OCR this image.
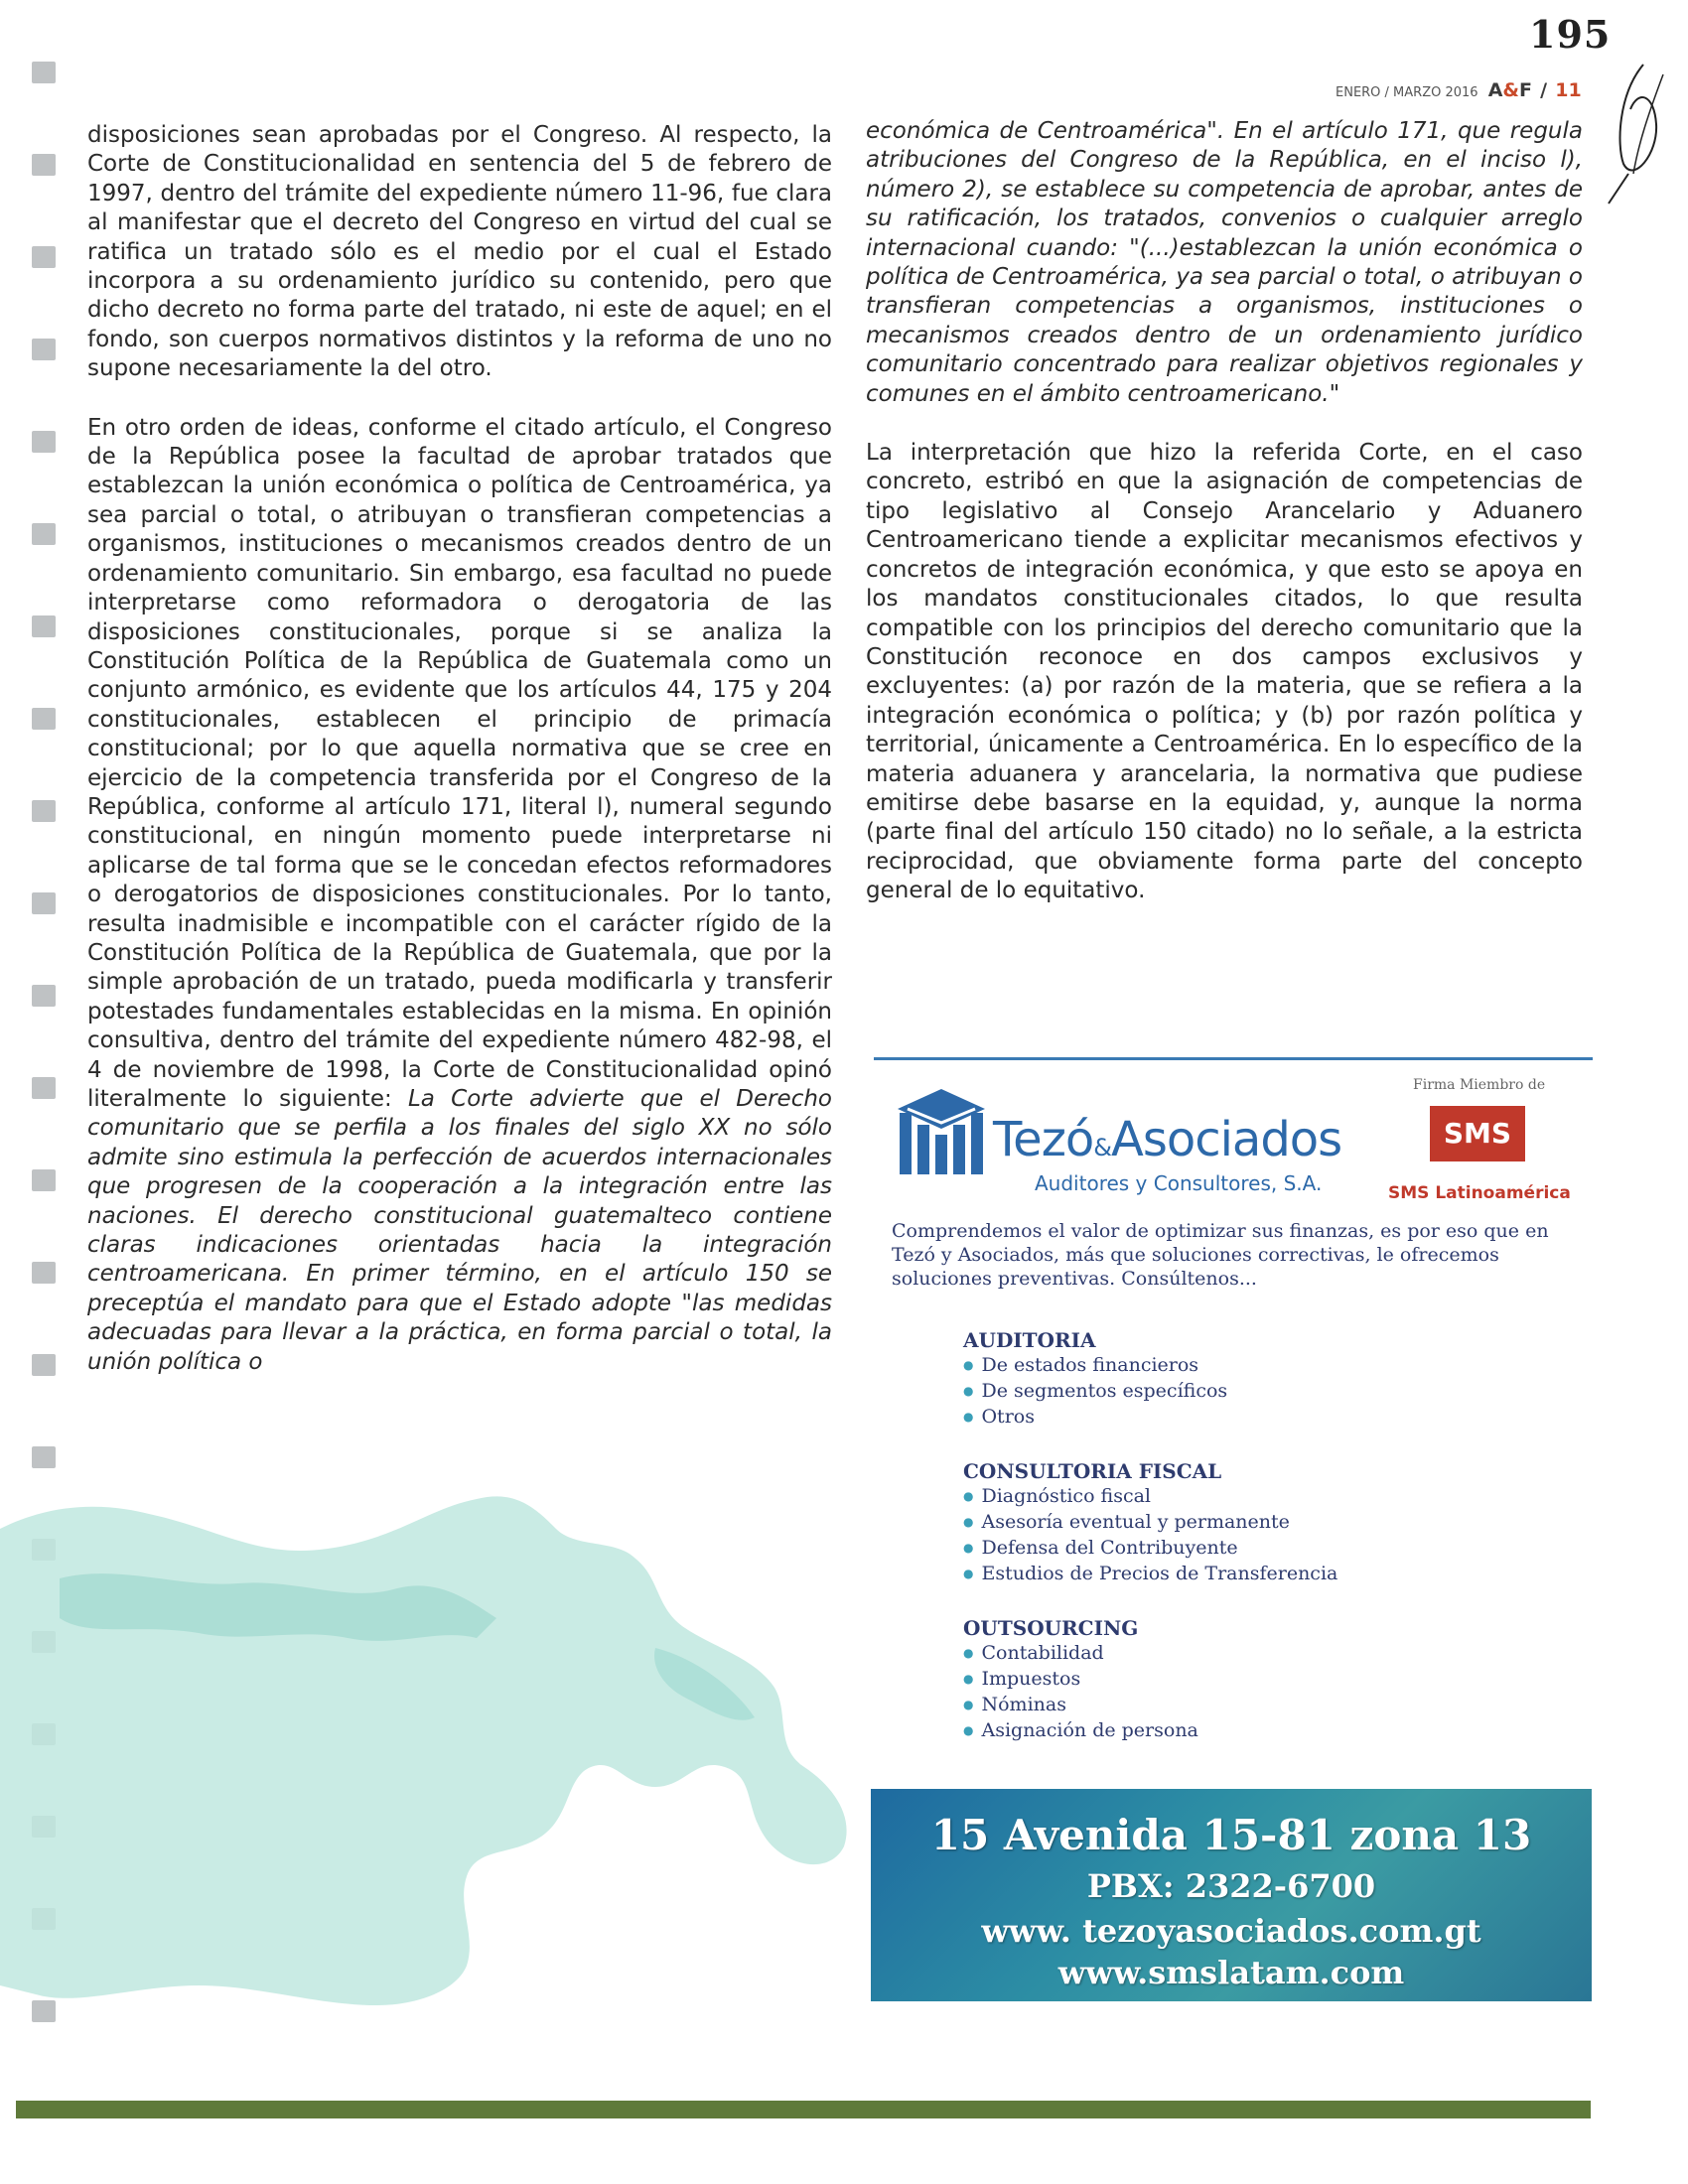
195
ENERO / MARZO 2016 A&F / 11

disposiciones sean aprobadas por el Congreso. Al respecto, la Corte de Constitucionalidad en sentencia del 5 de febrero de 1997, dentro del trámite del expediente número 11-96, fue clara al manifestar que el decreto del Congreso en virtud del cual se ratifica un tratado sólo es el medio por el cual el Estado incorpora a su ordenamiento jurídico su contenido, pero que dicho decreto no forma parte del tratado, ni este de aquel; en el fondo, son cuerpos normativos distintos y la reforma de uno no supone necesariamente la del otro.

En otro orden de ideas, conforme el citado artículo, el Congreso de la República posee la facultad de aprobar tratados que establezcan la unión económica o política de Centroamérica, ya sea parcial o total, o atribuyan o transfieran competencias a organismos, instituciones o mecanismos creados dentro de un ordenamiento comunitario. Sin embargo, esa facultad no puede interpretarse como reformadora o derogatoria de las disposiciones constitucionales, porque si se analiza la Constitución Política de la República de Guatemala como un conjunto armónico, es evidente que los artículos 44, 175 y 204 constitucionales, establecen el principio de primacía constitucional; por lo que aquella normativa que se cree en ejercicio de la competencia transferida por el Congreso de la República, conforme al artículo 171, literal l), numeral segundo constitucional, en ningún momento puede interpretarse ni aplicarse de tal forma que se le concedan efectos reformadores o derogatorios de disposiciones constitucionales. Por lo tanto, resulta inadmisible e incompatible con el carácter rígido de la Constitución Política de la República de Guatemala, que por la simple aprobación de un tratado, pueda modificarla y transferir potestades fundamentales establecidas en la misma. En opinión consultiva, dentro del trámite del expediente número 482-98, el 4 de noviembre de 1998, la Corte de Constitucionalidad opinó literalmente lo siguiente: La Corte advierte que el Derecho comunitario que se perfila a los finales del siglo XX no sólo admite sino estimula la perfección de acuerdos internacionales que progresen de la cooperación a la integración entre las naciones. El derecho constitucional guatemalteco contiene claras indicaciones orientadas hacia la integración centroamericana. En primer término, en el artículo 150 se preceptúa el mandato para que el Estado adopte "las medidas adecuadas para llevar a la práctica, en forma parcial o total, la unión política o

económica de Centroamérica". En el artículo 171, que regula atribuciones del Congreso de la República, en el inciso l), número 2), se establece su competencia de aprobar, antes de su ratificación, los tratados, convenios o cualquier arreglo internacional cuando: "(...)establezcan la unión económica o política de Centroamérica, ya sea parcial o total, o atribuyan o transfieran competencias a organismos, instituciones o mecanismos creados dentro de un ordenamiento jurídico comunitario concentrado para realizar objetivos regionales y comunes en el ámbito centroamericano."

La interpretación que hizo la referida Corte, en el caso concreto, estribó en que la asignación de competencias de tipo legislativo al Consejo Arancelario y Aduanero Centroamericano tiende a explicitar mecanismos efectivos y concretos de integración económica, y que esto se apoya en los mandatos constitucionales citados, lo que resulta compatible con los principios del derecho comunitario que la Constitución reconoce en dos campos exclusivos y excluyentes: (a) por razón de la materia, que se refiera a la integración económica o política; y (b) por razón política y territorial, únicamente a Centroamérica. En lo específico de la materia aduanera y arancelaria, la normativa que pudiese emitirse debe basarse en la equidad, y, aunque la norma (parte final del artículo 150 citado) no lo señale, a la estricta reciprocidad, que obviamente forma parte del concepto general de lo equitativo.

Tezó&Asociados
Auditores y Consultores, S.A.
Firma Miembro de
SMS
SMS Latinoamérica
Comprendemos el valor de optimizar sus finanzas, es por eso que en Tezó y Asociados, más que soluciones correctivas, le ofrecemos soluciones preventivas. Consúltenos...
AUDITORIA
● De estados financieros
● De segmentos específicos
● Otros
CONSULTORIA FISCAL
● Diagnóstico fiscal
● Asesoría eventual y permanente
● Defensa del Contribuyente
● Estudios de Precios de Transferencia
OUTSOURCING
● Contabilidad
● Impuestos
● Nóminas
● Asignación de persona
15 Avenida 15-81 zona 13
PBX: 2322-6700
www. tezoyasociados.com.gt
www.smslatam.com
